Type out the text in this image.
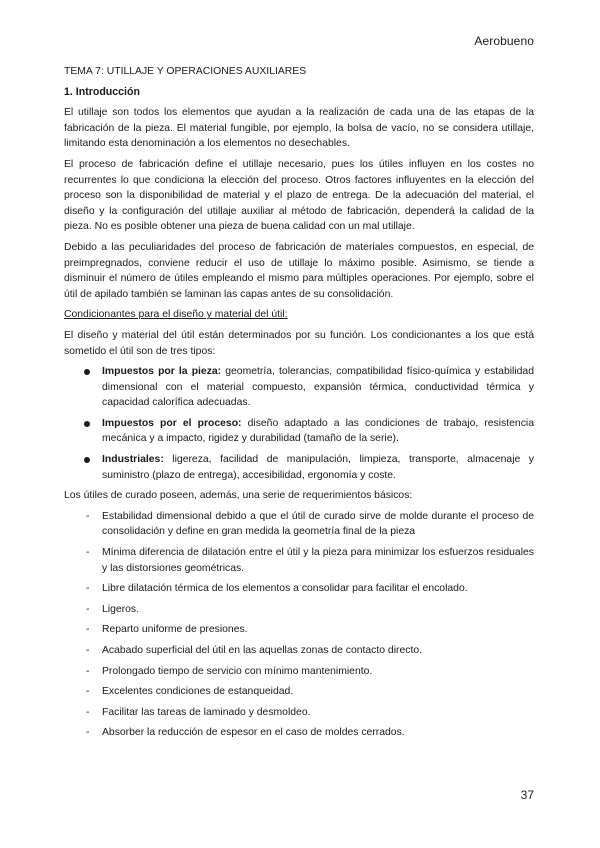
Aerobueno

TEMA 7: UTILLAJE Y OPERACIONES AUXILIARES

1. Introducción

El utillaje son todos los elementos que ayudan a la realización de cada una de las etapas de la fabricación de la pieza. El material fungible, por ejemplo, la bolsa de vacío, no se considera utillaje, limitando esta denominación a los elementos no desechables.

El proceso de fabricación define el utillaje necesario, pues los útiles influyen en los costes no recurrentes lo que condiciona la elección del proceso. Otros factores influyentes en la elección del proceso son la disponibilidad de material y el plazo de entrega. De la adecuación del material, el diseño y la configuración del utillaje auxiliar al método de fabricación, dependerá la calidad de la pieza. No es posible obtener una pieza de buena calidad con un mal utillaje.

Debido a las peculiaridades del proceso de fabricación de materiales compuestos, en especial, de preimpregnados, conviene reducir el uso de utillaje lo máximo posible. Asimismo, se tiende a disminuir el número de útiles empleando el mismo para múltiples operaciones. Por ejemplo, sobre el útil de apilado también se laminan las capas antes de su consolidación.

Condicionantes para el diseño y material del útil:

El diseño y material del útil están determinados por su función. Los condicionantes a los que está sometido el útil son de tres tipos:

Impuestos por la pieza: geometría, tolerancias, compatibilidad físico-química y estabilidad dimensional con el material compuesto, expansión térmica, conductividad térmica y capacidad calorífica adecuadas.
Impuestos por el proceso: diseño adaptado a las condiciones de trabajo, resistencia mecánica y a impacto, rigidez y durabilidad (tamaño de la serie).
Industriales: ligereza, facilidad de manipulación, limpieza, transporte, almacenaje y suministro (plazo de entrega), accesibilidad, ergonomía y coste.

Los útiles de curado poseen, además, una serie de requerimientos básicos:

- Estabilidad dimensional debido a que el útil de curado sirve de molde durante el proceso de consolidación y define en gran medida la geometría final de la pieza
- Mínima diferencia de dilatación entre el útil y la pieza para minimizar los esfuerzos residuales y las distorsiones geométricas.
- Libre dilatación térmica de los elementos a consolidar para facilitar el encolado.
- Ligeros.
- Reparto uniforme de presiones.
- Acabado superficial del útil en las aquellas zonas de contacto directo.
- Prolongado tiempo de servicio con mínimo mantenimiento.
- Excelentes condiciones de estanqueidad.
- Facilitar las tareas de laminado y desmoldeo.
- Absorber la reducción de espesor en el caso de moldes cerrados.
37
